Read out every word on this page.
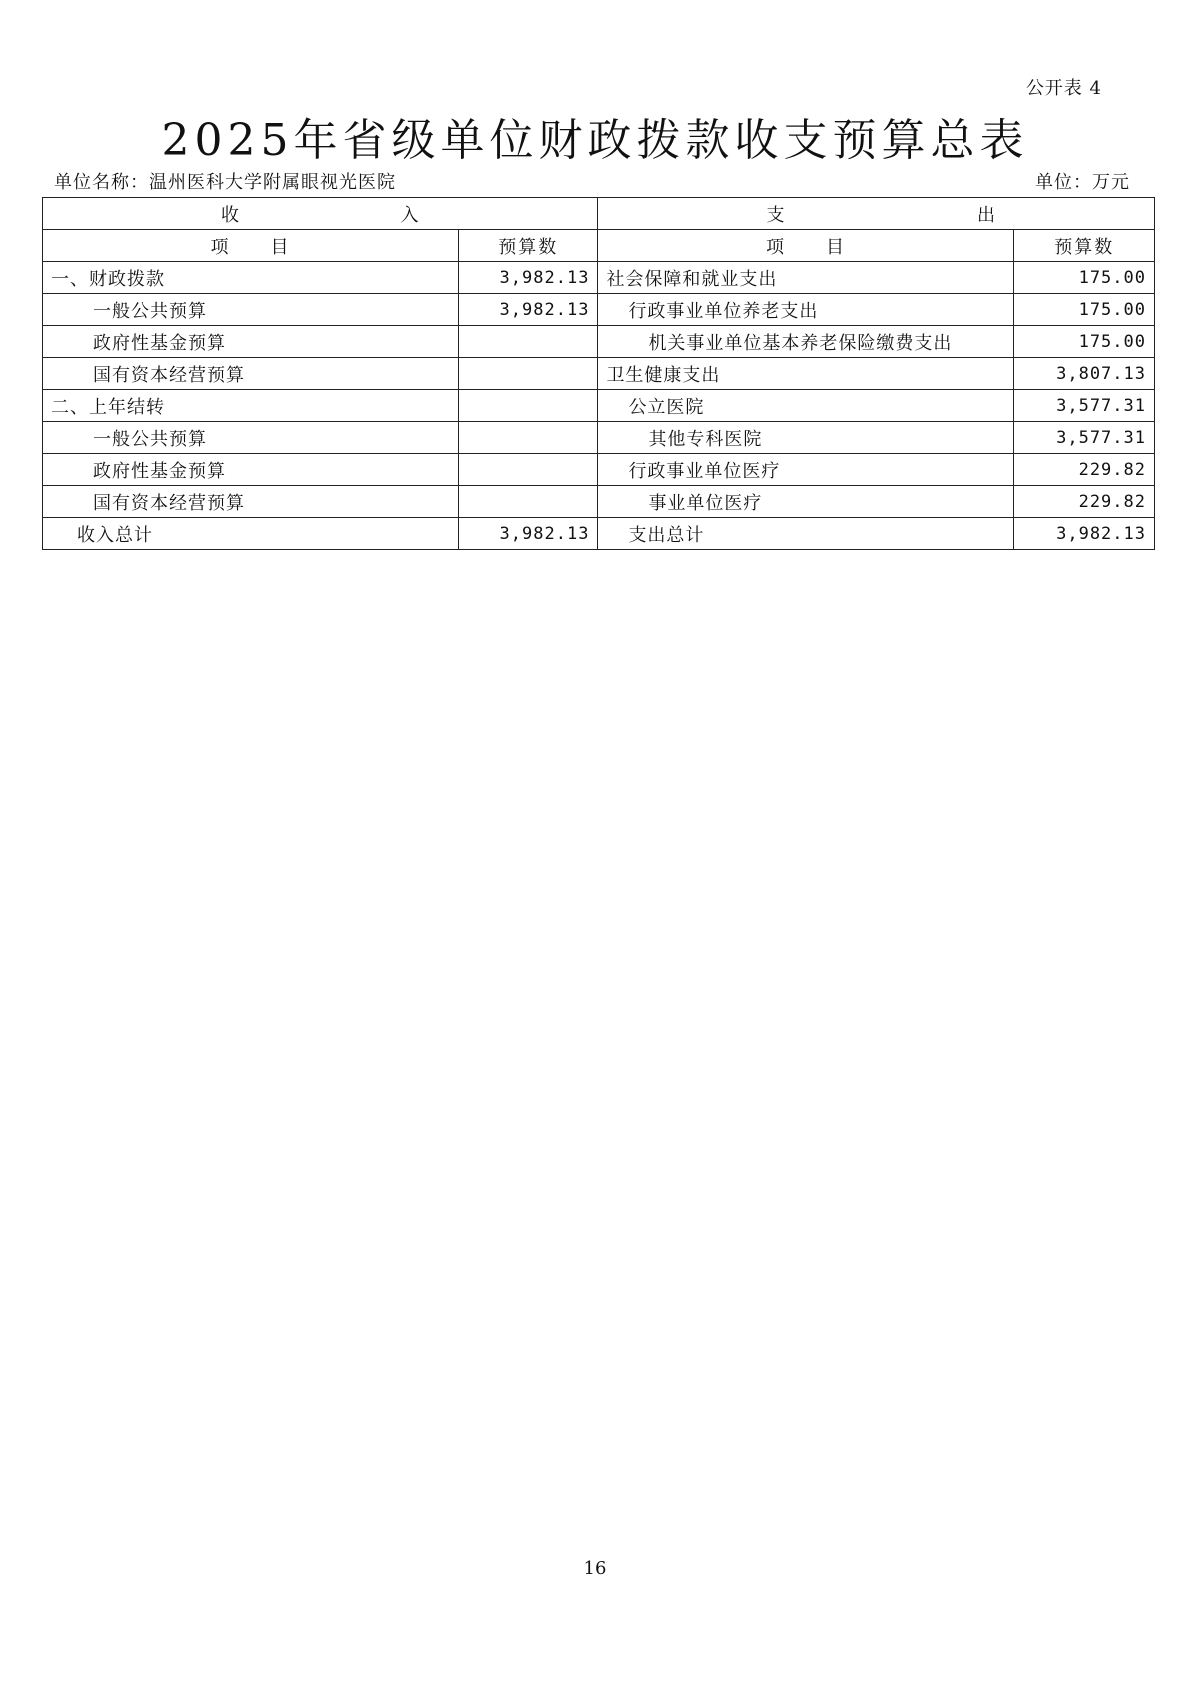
公开表 4
2025年省级单位财政拨款收支预算总表
单位名称：温州医科大学附属眼视光医院	单位：万元
收 入		支 出	

项　　目	预算数	项　　目	预算数
一、财政拨款	3,982.13	社会保障和就业支出	175.00
一般公共预算	3,982.13	行政事业单位养老支出	175.00
政府性基金预算		机关事业单位基本养老保险缴费支出	175.00
国有资本经营预算		卫生健康支出	3,807.13
二、上年结转		公立医院	3,577.31
一般公共预算		其他专科医院	3,577.31
政府性基金预算		行政事业单位医疗	229.82
国有资本经营预算		事业单位医疗	229.82
收入总计	3,982.13	支出总计	3,982.13
16
